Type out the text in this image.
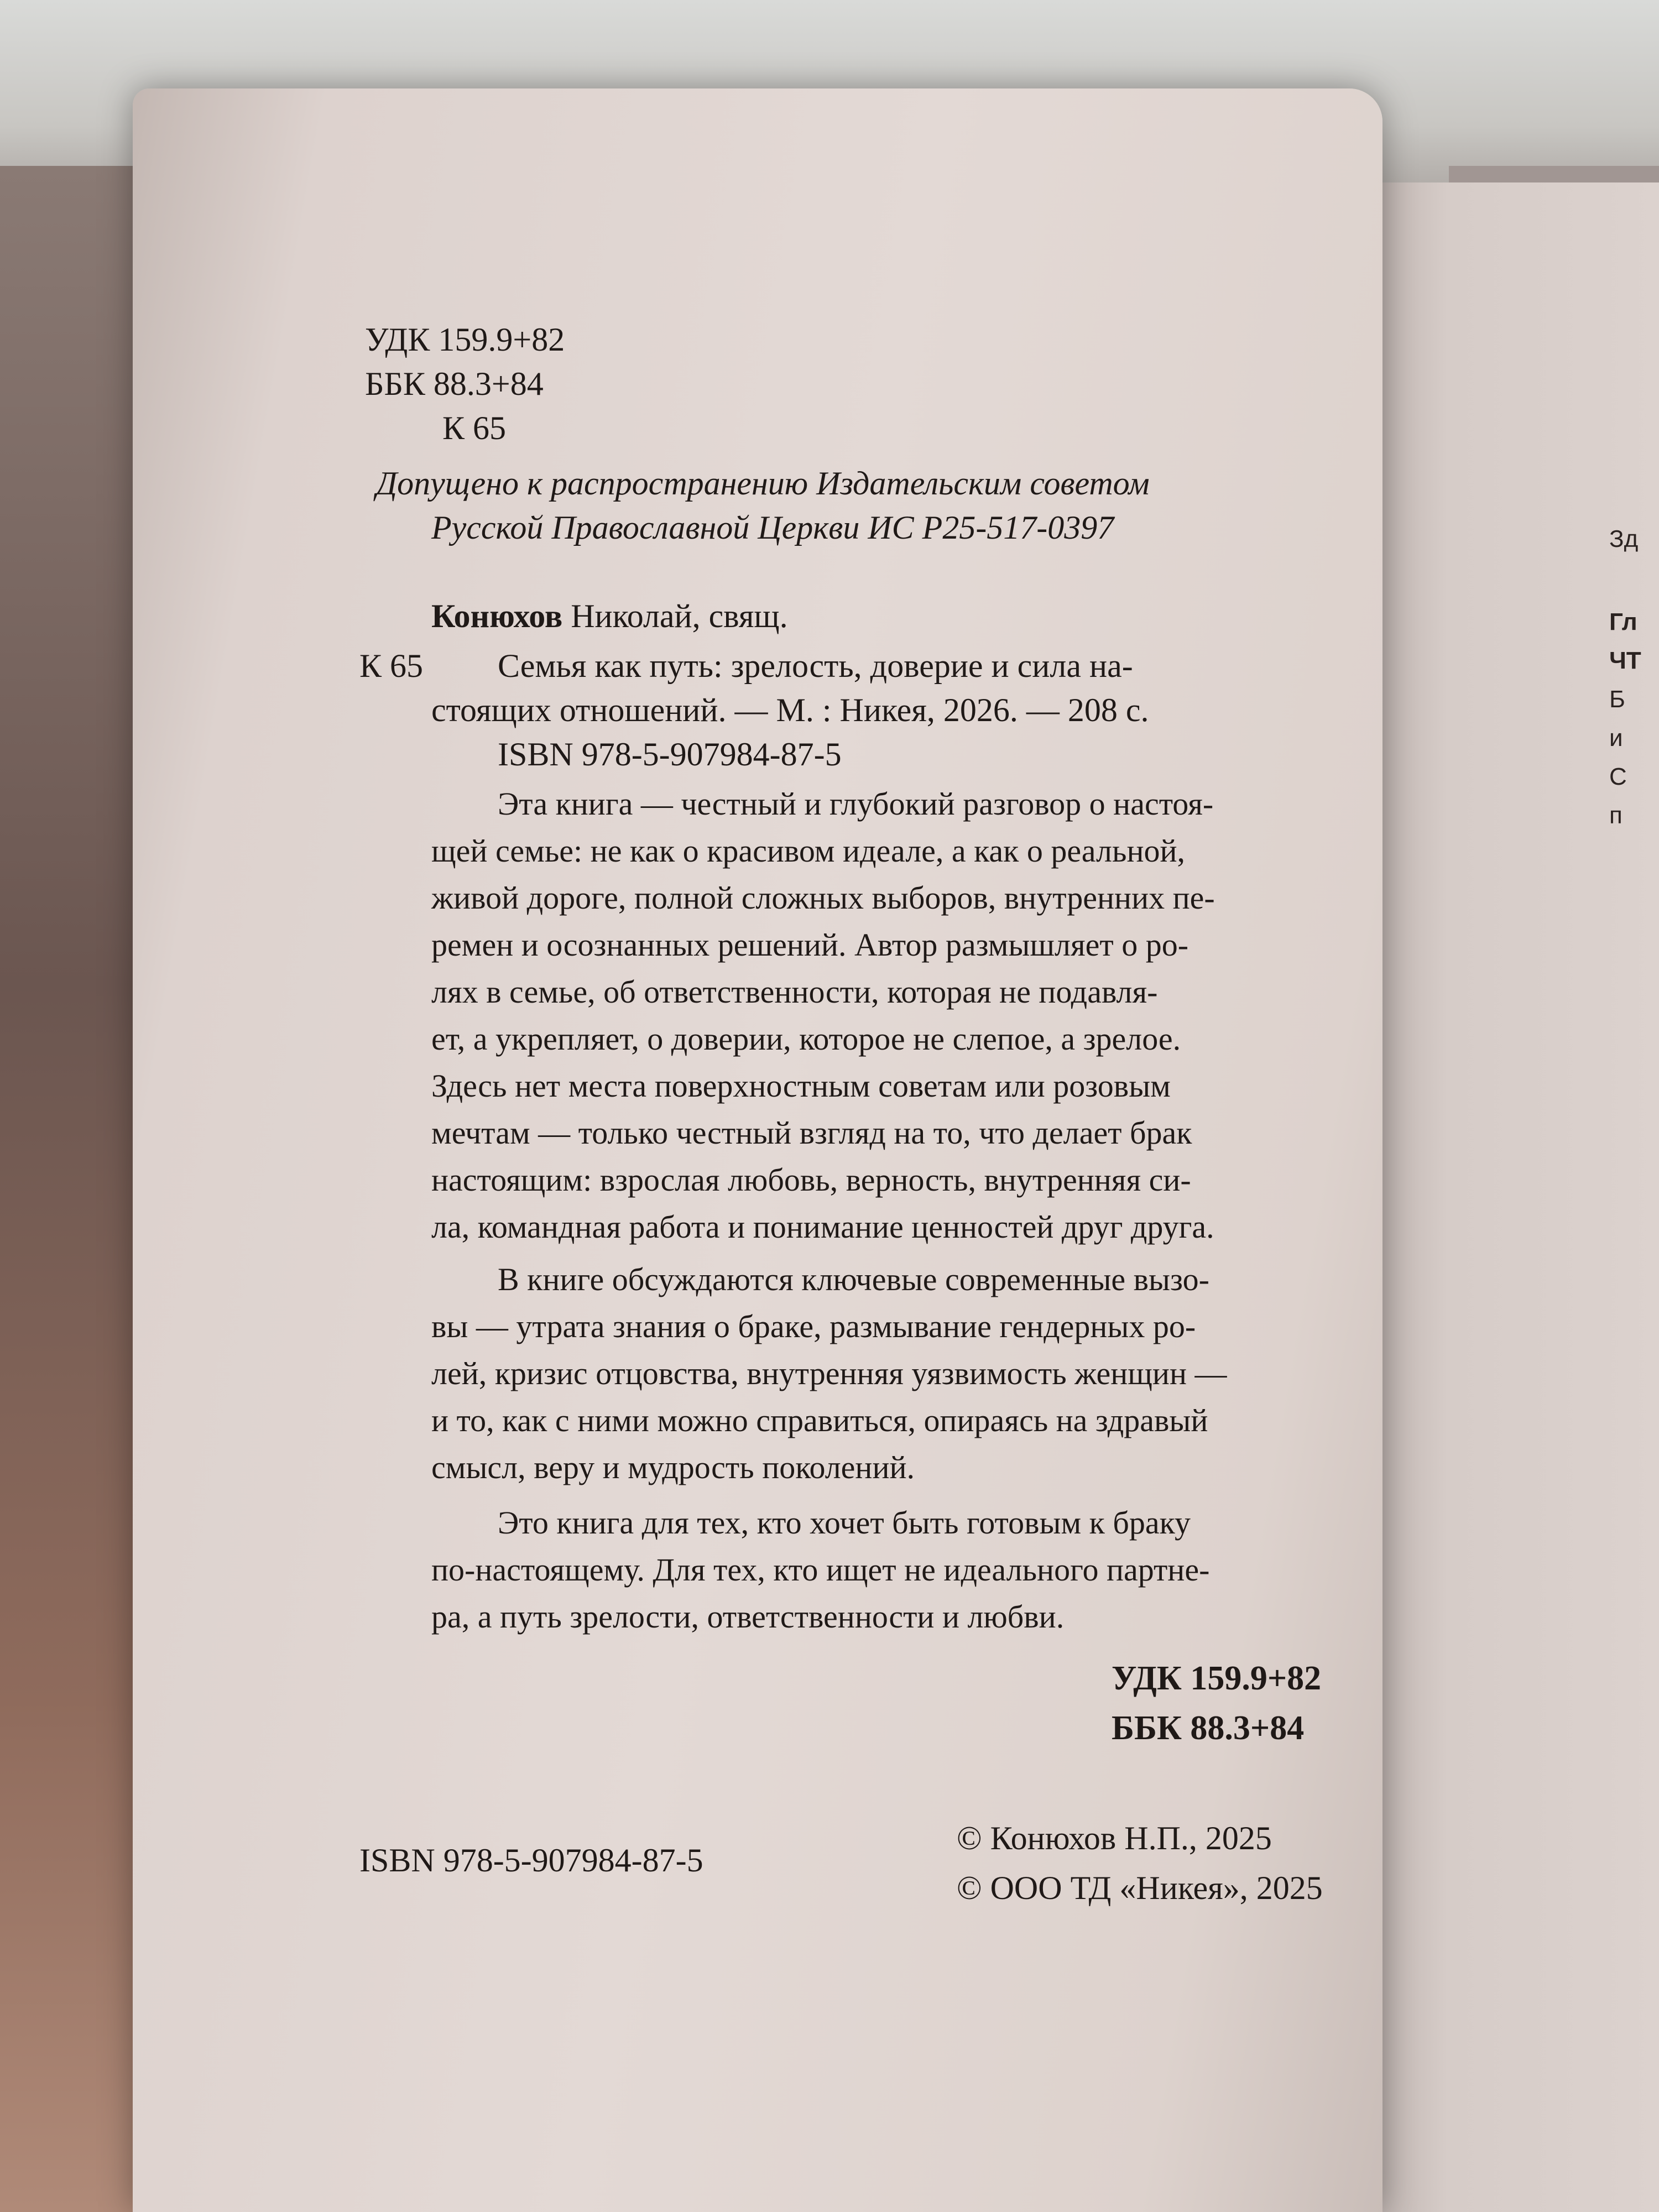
Зд
Гл
ЧТ
Б
и
С
п
УДК 159.9+82
ББК 88.3+84
К 65
Допущено к распространению Издательским советом
Русской Православной Церкви ИС Р25-517-0397
Конюхов Николай, свящ.
К 65 Семья как путь: зрелость, доверие и сила на-
стоящих отношений. — М. : Никея, 2026. — 208 с.
ISBN 978-5-907984-87-5
Эта книга — честный и глубокий разговор о настоя-
щей семье: не как о красивом идеале, а как о реальной,
живой дороге, полной сложных выборов, внутренних пе-
ремен и осознанных решений. Автор размышляет о ро-
лях в семье, об ответственности, которая не подавля-
ет, а укрепляет, о доверии, которое не слепое, а зрелое.
Здесь нет места поверхностным советам или розовым
мечтам — только честный взгляд на то, что делает брак
настоящим: взрослая любовь, верность, внутренняя си-
ла, командная работа и понимание ценностей друг друга.
В книге обсуждаются ключевые современные вызо-
вы — утрата знания о браке, размывание гендерных ро-
лей, кризис отцовства, внутренняя уязвимость женщин —
и то, как с ними можно справиться, опираясь на здравый
смысл, веру и мудрость поколений.
Это книга для тех, кто хочет быть готовым к браку
по-настоящему. Для тех, кто ищет не идеального партне-
ра, а путь зрелости, ответственности и любви.
УДК 159.9+82
ББК 88.3+84
ISBN 978-5-907984-87-5
© Конюхов Н.П., 2025
© ООО ТД «Никея», 2025
